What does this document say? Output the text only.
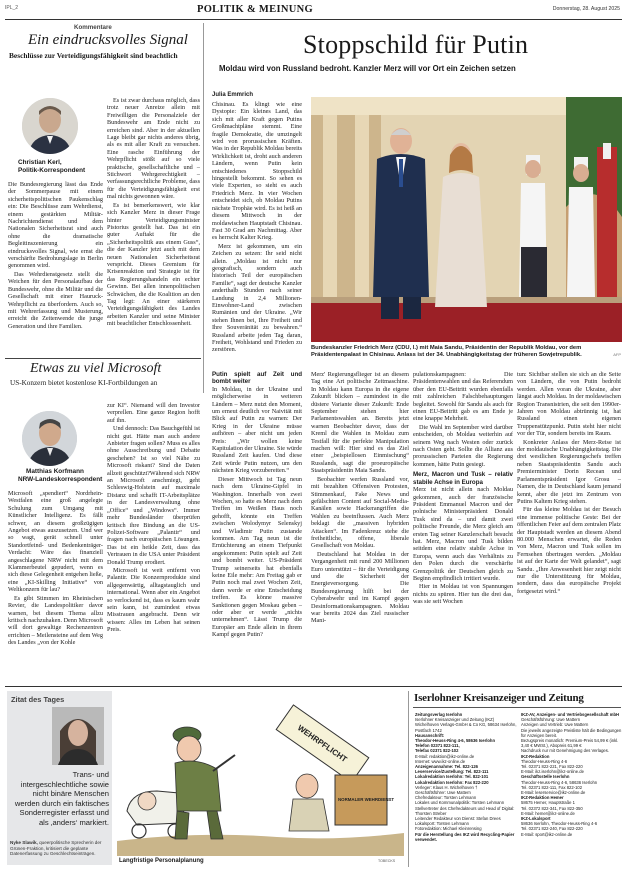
IPL_2	POLITIK & MEINUNG	Donnerstag, 28. August 2025
Kommentare
Ein eindrucksvolles Signal
Beschlüsse zur Verteidigungsfähigkeit sind beachtlich
Christian Kerl,
Politik-Korrespondent

Die Bundesregierung lässt das Ende der Sommerpause mit einem sicherheitspolitischen Paukenschlag ein: Die Beschlüsse zum Wehrdienst, einem gestärkten Militär-Nachrichtendienst und dem Nationalen Sicherheitsrat sind auch ohne die dramatische Begleitinszenierung ein eindrucksvolles Signal, wie ernst die verschärfte Bedrohungslage in Berlin genommen wird.

Das Wehrdienstgesetz stellt die Weichen für den Personalaufbau der Bundeswehr, ohne die Militär und die Gesellschaft mit einer Hauruck-Wehrpflicht zu überfordern. Auch so, mit Wehrerfassung und Musterung, erreicht die Zeitenwende die junge Generation und ihre Familien.

Es ist zwar durchaus möglich, dass trotz neuer Anreize allein mit Freiwilligen die Personalziele der Bundeswehr am Ende nicht zu erreichen sind. Aber in der aktuellen Lage bleibt gar nichts anderes übrig, als es mit aller Kraft zu versuchen. Eine rasche Einführung der Wehrpflicht stößt auf so viele praktische, gesellschaftliche und – Stichwort Wehrgerechtigkeit – verfassungsrechtliche Probleme, dass für die Verteidigungsfähigkeit erst mal nichts gewonnen wäre.

Es ist bemerkenswert, wie klar sich Kanzler Merz in dieser Frage hinter Verteidigungsminister Pistorius gestellt hat. Das ist ein guter Auftakt für die „Sicherheitspolitik aus einem Guss“, die der Kanzler jetzt auch mit dem neuen Nationalen Sicherheitsrat verspricht. Dieses Gremium für Krisenreaktion und Strategie ist für das Regierungshandeln ein echter Gewinn. Bei allen innenpolitischen Schwächen, die die Koalition an den Tag legt: An einer stärkeren Verteidigungsfähigkeit des Landes arbeiten Kanzler und seine Minister mit beachtlicher Entschlossenheit.

Etwas zu viel Microsoft
US-Konzern bietet kostenlose KI-Fortbildungen an
Matthias Korfmann
NRW-Landeskorrespondent

Microsoft „spendiert“ Nordrhein-Westfalen eine groß angelegte Schulung zum Umgang mit Künstlicher Intelligenz. Es fällt schwer, an diesem großzügigen Angebot etwas auszusetzen. Und wer so wagt, gerät schnell unter Standortfeind- und Bedenkenträger-Verdacht: Wäre das finanziell angeschlagene NRW nicht mit dem Klammerbeutel gepudert, wenn es sich diese Gelegenheit entgehen ließe, eine „KI-Skilling Initiative“ von Weltkonzern für lau?

Es gibt Stimmen im Rheinischen Revier, die Landespolitiker davor warnen, bei diesem Thema allzu kritisch nachzuhaken. Denn Microsoft will dort gewaltige Rechenzentren errichten – Meilensteine auf dem Weg des Landes „von der Kohle

zur KI“. Niemand will den Investor verprellen. Eine ganze Region hofft auf ihn.

Und dennoch: Das Bauchgefühl ist nicht gut. Hätte man auch andere Anbieter fragen sollen? Muss es alles ohne Ausschreibung und Debatte geschehen? Ist so viel Nähe zu Microsoft riskant? Sind die Daten allzeit geschützt?Während sich NRW an Microsoft anschmiegt, geht Schleswig-Holstein auf maximale Distanz und schafft IT-Arbeitsplätze in der Landesverwaltung ohne „Office“ und „Windows“. Immer mehr Bundesländer überprüfen kritisch ihre Bindung an die US-Polizei-Software „Palantir“ und fragen nach europäischen Lösungen. Das ist ein heikle Zeit, dass das Vertrauen in die USA unter Präsident Donald Trump erodiert.

Microsoft ist weit entfernt von Palantir. Die Konzernprodukte sind allgegenwärtig, alltagstauglich und international. Wenn aber ein Angebot so verlockend ist, dass es kaum wahr sein kann, ist zumindest etwas Misstrauen angebracht. Denn wir wissen: Alles im Leben hat seinen Preis.

Stoppschild für Putin
Moldau wird von Russland bedroht. Kanzler Merz will vor Ort ein Zeichen setzen
Julia Emmrich

Chisinau. Es klingt wie eine Dystopie: Ein kleines Land, das sich mit aller Kraft gegen Putins Großmachtpläne stemmt. Eine fragile Demokratie, die umzingelt wird von prorussischen Kräften. Was in der Republik Moldau bereits Wirklichkeit ist, droht auch anderen Ländern, wenn Putin kein entschiedenes Stoppschild hingestellt bekommt. So sehen es viele Experten, so sieht es auch Friedrich Merz. In vier Wochen entscheidet sich, ob Moldau Putins nächste Trophäe wird. Es ist heiß an diesem Mittwoch in der moldawischen Hauptstadt Chisinau. Fast 30 Grad am Nachmittag. Aber es herrscht Kalter Krieg.

Merz ist gekommen, um ein Zeichen zu setzen: Ihr seid nicht allein. „Moldau ist nicht nur geografisch, sondern auch historisch Teil der europäischen Familie“, sagt der deutsche Kanzler anderthalb Stunden nach seiner Landung in 2,4 Millionen-Einwohner-Land zwischen Rumänien und der Ukraine. „Wir stehen Ihnen bei, Ihre Freiheit und Ihre Souveränität zu bewahren.“ Russland arbeite jeden Tag daran, Freiheit, Wohlstand und Frieden zu zerstören.

Putin spielt auf Zeit und bombt weiter

In Moldau, in der Ukraine und möglicherweise in weiteren Ländern – Merz nutzt den Moment, um erneut deutlich vor Naivität mit Blick auf Putin zu warnen: Der Krieg in der Ukraine müsse aufhören – aber nicht um jeden Preis: „Wir wollen keine Kapitulation der Ukraine. Sie würde Russland Zeit kaufen. Und diese Zeit würde Putin nutzen, um den nächsten Krieg vorzubereiten.“

Dieser Mittwoch ist Tag neun nach dem Ukraine-Gipfel in Washington. Innerhalb von zwei Wochen, so hatte es Merz nach dem Treffen im Weißen Haus noch gehofft, könnte ein Treffen zwischen Wolodymyr Selenskyj und Wladimir Putin zustande kommen. Am Tag neun ist die Ernüchterung an einem Tiefpunkt angekommen: Putin spielt auf Zeit und bombt weiter. US-Präsident Trump seinerseits hat ebenfalls keine Eile mehr: Am Freitag gab er Putin noch mal zwei Wochen Zeit, dann werde er eine Entscheidung treffen. Es könne massive Sanktionen gegen Moskau geben – oder aber er werde „nichts unternehmen“. Lässt Trump die Europäer am Ende allein in ihrem Kampf gegen Putin?

Bundeskanzler Friedrich Merz (CDU, l.) mit Maia Sandu, Präsidentin der Republik Moldau, vor dem Präsidentenpalast in Chisinau. Anlass ist der 34. Unabhängigkeitstag der früheren Sowjetrepublik.	AFP

Merz' Regierungsflieger ist an diesem Tag eine Art politische Zeitmaschine. In Moldau kann Europa in die eigene Zukunft blicken – zumindest in die düstere Variante dieser Zukunft: Ende September stehen hier Parlamentswahlen an. Bereits jetzt warnen Beobachter davor, dass der Kreml die Wahlen in Moldau zum Testfall für die perfekte Manipulation machen will: Hier sind es das Ziel einer „beispiellosen Einmischung“ Russlands, sagt die proeuropäische Staatspräsidentin Maia Sandu.

Beobachter werfen Russland vor, mit bezahlten Offensiven Protesten, Stimmenkauf, Fake News und gefälschten Content auf Social-Media-Kanälen sowie Hackerangriffen die Wahlen zu beeinflussen. Auch Merz beklagt die „massiven hybriden Attacken“. Im Fadenkreuz stehe die freiheitliche, offene, liberale Gesellschaft von Moldau.

Deutschland hat Moldau in der Vergangenheit mit rund 200 Millionen Euro unterstützt – für die Verteidigung und die Sicherheit der Energieversorgung. Die Bundesregierung hilft bei der Cyberabwehr und im Kampf gegen Desinformationskampagnen. Moldau war bereits 2024 das Ziel russischer Mani-

pulationskampagnen: Die Präsidentenwahlen und das Referendum über den EU-Beitritt wurden ebenfalls mit zahlreichen Falschbehauptungen begleitet. Sowohl für Sandu als auch für einen EU-Beitritt gab es am Ende je eine knappe Mehrheit.

Die Wahl im September wird darüber entscheiden, ob Moldau weiterhin auf seinem Weg nach Westen oder zurück nach Osten geht. Sollte die Allianz aus prorussischen Parteien die Regierung kommen, hätte Putin gesiegt.

Merz, Macron und Tusk – relativ stabile Achse in Europa

Merz ist nicht allein nach Moldau gekommen, auch der französische Präsident Emmanuel Macron und der polnische Ministerpräsident Donald Tusk sind da – und damit zwei politische Freunde, die Merz gleich am ersten Tag seiner Kanzlerschaft besucht hat. Merz, Macron und Tusk bilden seitdem eine relativ stabile Achse in Europa, wenn auch das Verhältnis zu den Polen durch die verschärfte Grenzpolitik der Deutschen gleich zu Beginn empfindlich irritiert wurde.

Hier in Moldau ist von Spannungen nichts zu spüren. Hier tun die drei das, was sie seit Wochen

tun: Sichtbar stellen sie sich an die Seite von Ländern, die von Putin bedroht werden. Allen voran die Ukraine, aber längst auch Moldau. In der moldawischen Region Transnistrien, die seit den 1990er-Jahren von Moldau abtrünnig ist, hat Russland einen eigenen Truppenstützpunkt. Putin steht hier nicht vor der Tür, sondern bereits im Raum.

Konkreter Anlass der Merz-Reise ist der moldauische Unabhängigkeitstag. Die drei westlichen Regierungschefs treffen neben Staatspräsidentin Sandu auch Premierminister Dorin Recean und Parlamentspräsident Igor Grosu – Namen, die in Deutschland kaum jemand kennt, aber die jetzt im Zentrum von Putins Kaltem Krieg stehen.

Für das kleine Moldau ist der Besuch eine immense politische Geste: Bei der öffentlichen Feier auf dem zentralen Platz der Hauptstadt werden an diesem Abend 80.000 Menschen erwartet, die Reden von Merz, Macron und Tusk sollen im Fernsehen übertragen werden. „Moldau ist auf der Karte der Welt gelandet“, sagt Sandu. „Ihre Anwesenheit hier zeigt nicht nur die Unterstützung für Moldau, sondern, dass das europäische Projekt fortgesetzt wird.“

Zitat des Tages
Trans- und intergeschlechtliche sowie nicht binäre Menschen werden durch ein faktisches Sonderregister erfasst und als ‚anders‘ markiert.
Nyke Slawik, queerpolitische Sprecherin der Grünen-Fraktion, kritisiert die geplante Datenerfassung zu Geschlechtseinträgen.
WEHRPFLICHT
NORMALER WEHRDIENST
Langfristige Personalplanung	TOBECKS
Iserlohner Kreisanzeiger und Zeitung
Zeitungsverlag Iserlohn
Iserlohner Kreisanzeiger und Zeitung (IKZ) Wichelhoven Verlags-GmbH & Co KG, 58634 Iserlohn, Postfach 1742
Hausanschrift:
Theodor-Heuss-Ring 4-6, 58636 Iserlohn
Telefon 02371 822-111,
Telefax 02371 822-102
E-Mail: redaktion@ikz-online.de
Internet: www.ikz-online.de
Anzeigenannahme: Tel. 822-126
Leserservice/Zustellung: Tel. 822-111
Lokalredaktion Iserlohn: Tel. 822-101
Lokalredaktion Iserlohn: Fax 822-220
Verleger: Klaus H. Wichelhoven †
Geschäftsführer: Uwe Mattern
Chefredakteur: Torsten Lehmann
Lokales und Kommunalpolitik: Torsten Lehmann
Stellvertreter des Chefredakteurs und Head of Digital: Thorsten Streber
Leitender Redakteur von Dienst: Stefan Drees
Lokalsport: Torsten Lehmann
Fotoredaktion: Michael Kleinrensing
Für die Herstellung des IKZ wird Recycling-Papier verwendet.
IKZ-AV, Anzeigen- und Vertriebsgesellschaft mbH
Geschäftsführung: Uwe Mattern
Anzeigen und Vertrieb: Uwe Mattern
Die jeweils angezeigte Preisliste hält die Bedingungen für Anzeigen bereit.
Bezugspreis monatlich: Premium-Preis 54,99 € (inkl. 3,40 € MWSt.), Abopreis 61,99 €
Nachdruck nur mit Genehmigung des Verlages.
IKZ-Redaktion
Theodor-Heuss-Ring 4-6
Tel. 02371 822-221, Fax 822-220
E-Mail: ikz.iserlohn@ikz-online.de
Geschäftsstelle Iserlohn
Theodor-Heuss-Ring 4-6, 58636 Iserlohn
Tel. 02371 822-111, Fax 822-102
E-Mail: leserservice@ikz-online.de
IKZ-Redaktion Hemer
58675 Hemer, Hauptstraße 1
Tel. 02372 822-341, Fax 822-350
E-Mail: hemer@ikz-online.de
IKZ-Lokalsport
58636 Iserlohn, Theodor-Heuss-Ring 4-6
Tel. 02371 822-240, Fax 822-220
E-Mail: sport@ikz-online.de
